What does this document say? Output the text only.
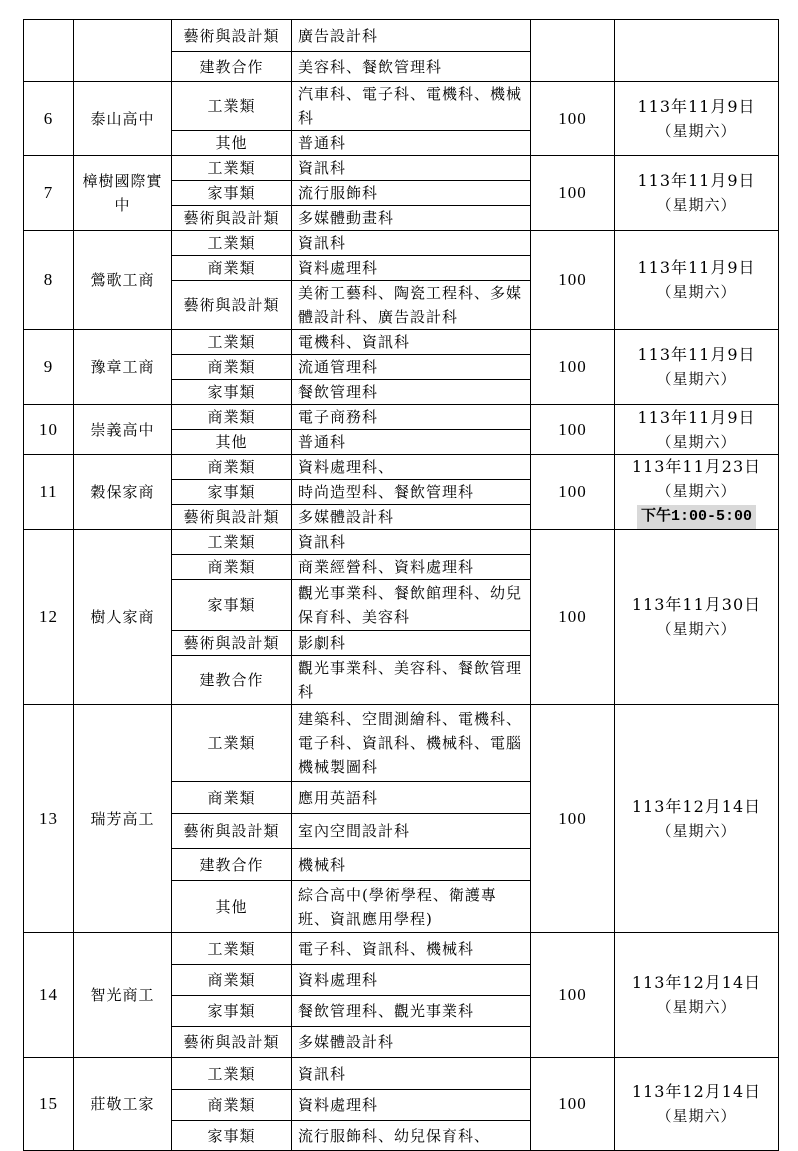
		藝術與設計類	廣告設計科		

		建教合作	美容科、餐飲管理科		
6	泰山高中	工業類	汽車科、電子科、電機科、機械科	100	113年11月9日
（星期六）

		其他	普通科		
7	樟樹國際實中	工業類	資訊科	100	113年11月9日
（星期六）

		家事類	流行服飾科		
		藝術與設計類	多媒體動畫科		
8	鶯歌工商	工業類	資訊科	100	113年11月9日
（星期六）

		商業類	資料處理科		
		藝術與設計類	美術工藝科、陶瓷工程科、多媒體設計科、廣告設計科		
9	豫章工商	工業類	電機科、資訊科	100	113年11月9日
（星期六）

		商業類	流通管理科		
		家事類	餐飲管理科		
10	崇義高中	商業類	電子商務科	100	113年11月9日
（星期六）

		其他	普通科		
11	穀保家商	商業類	資料處理科、	100	113年11月23日
（星期六）
下午1:00-5:00
		家事類	時尚造型科、餐飲管理科		
		藝術與設計類	多媒體設計科		
12	樹人家商	工業類	資訊科	100	113年11月30日
（星期六）

		商業類	商業經營科、資料處理科		
		家事類	觀光事業科、餐飲館理科、幼兒保育科、美容科		
		藝術與設計類	影劇科		
		建教合作	觀光事業科、美容科、餐飲管理科		
13	瑞芳高工	工業類	建築科、空間測繪科、電機科、電子科、資訊科、機械科、電腦機械製圖科	100	113年12月14日
（星期六）

		商業類	應用英語科		
		藝術與設計類	室內空間設計科		
		建教合作	機械科		
		其他	綜合高中(學術學程、衛護專班、資訊應用學程)		
14	智光商工	工業類	電子科、資訊科、機械科	100	113年12月14日
（星期六）

		商業類	資料處理科		
		家事類	餐飲管理科、觀光事業科		
		藝術與設計類	多媒體設計科		
15	莊敬工家	工業類	資訊科	100	113年12月14日
（星期六）

		商業類	資料處理科		
		家事類	流行服飾科、幼兒保育科、		
